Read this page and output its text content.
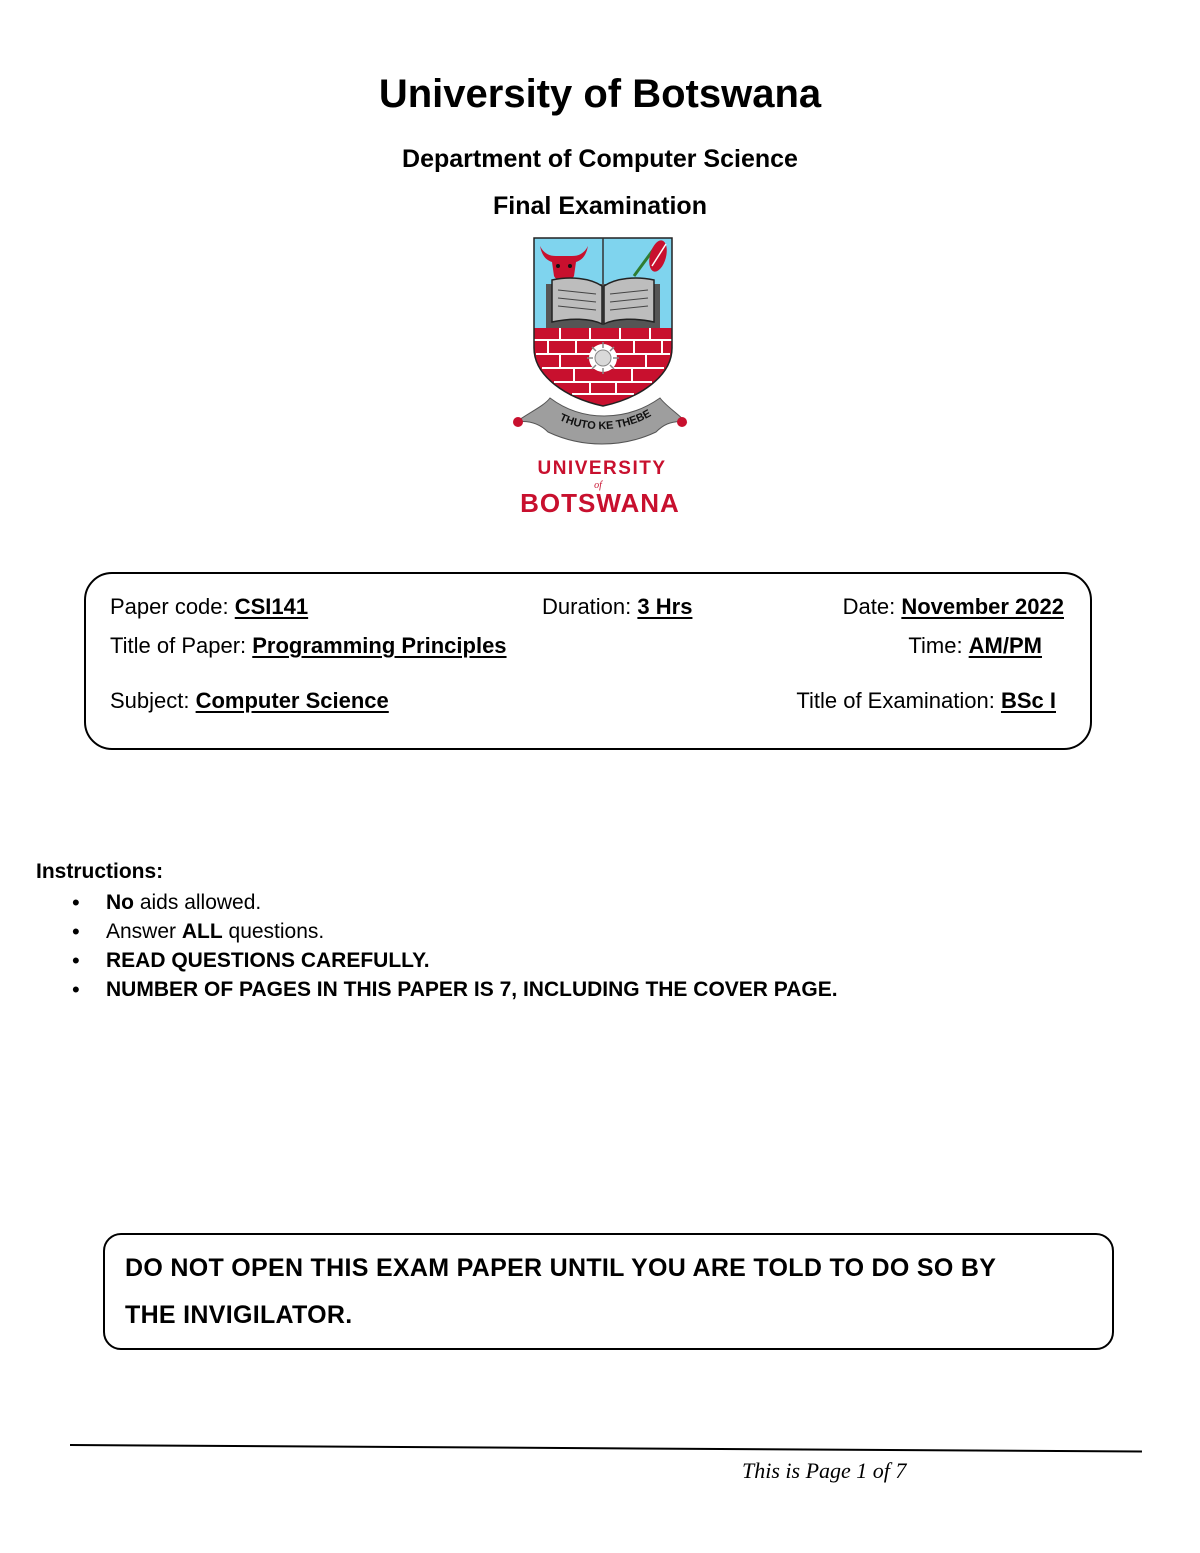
University of Botswana
Department of Computer Science
Final Examination
THUTO KE THEBE
UNIVERSITY
of
BOTSWANA
Paper code: CSI141	Duration: 3 Hrs	Date: November 2022
Title of Paper: Programming Principles	Time: AM/PM
Subject: Computer Science	Title of Examination: BSc I
Instructions:
• No aids allowed.
• Answer ALL questions.
• READ QUESTIONS CAREFULLY.
• NUMBER OF PAGES IN THIS PAPER IS 7, INCLUDING THE COVER PAGE.
DO NOT OPEN THIS EXAM PAPER UNTIL YOU ARE TOLD TO DO SO BY
THE INVIGILATOR.
This is Page 1 of 7
